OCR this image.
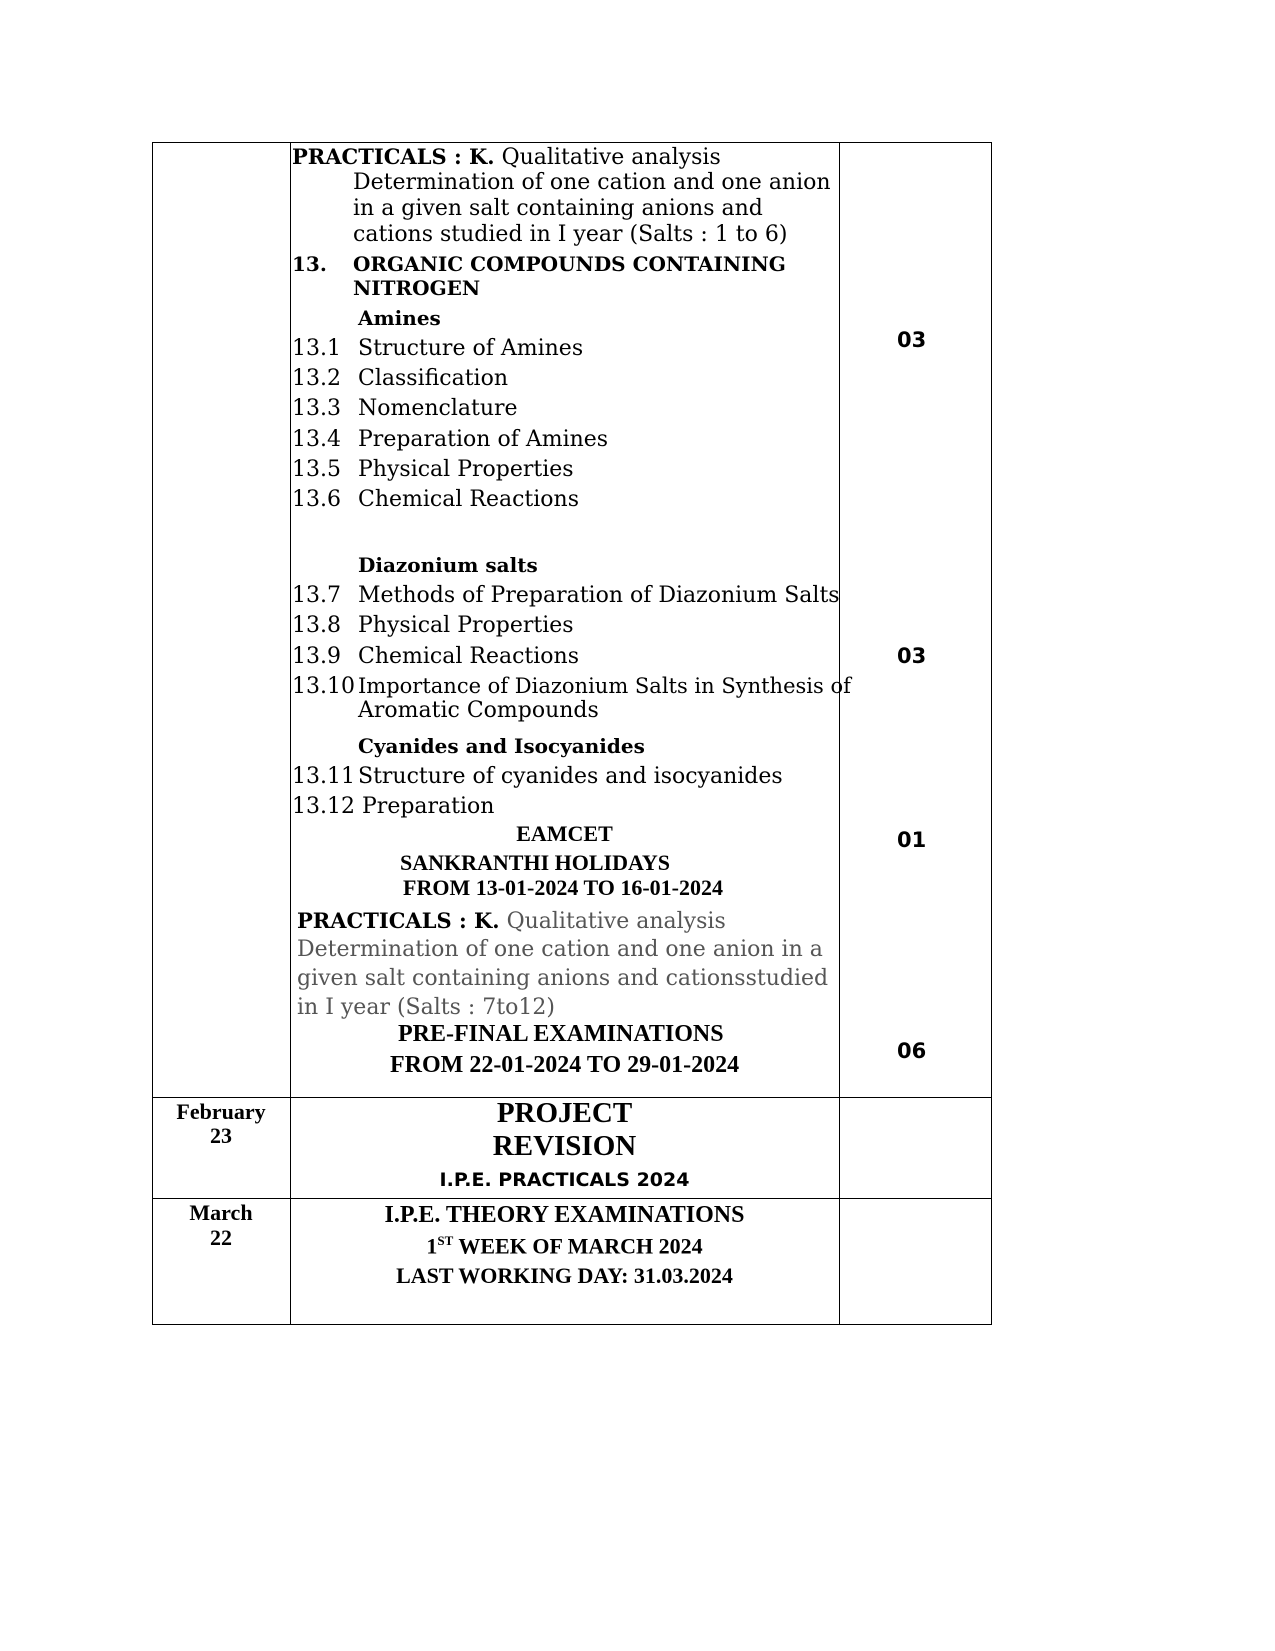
PRACTICALS : K. Qualitative analysis
Determination of one cation and one anion
in a given salt containing anions and
cations studied in I year (Salts : 1 to 6)
13. ORGANIC COMPOUNDS CONTAINING
NITROGEN
Amines
13.1 Structure of Amines
13.2 Classification
13.3 Nomenclature
13.4 Preparation of Amines
13.5 Physical Properties
13.6 Chemical Reactions
Diazonium salts
13.7 Methods of Preparation of Diazonium Salts
13.8 Physical Properties
13.9 Chemical Reactions
13.10 Importance of Diazonium Salts in Synthesis of
Aromatic Compounds
Cyanides and Isocyanides
13.11 Structure of cyanides and isocyanides
13.12 Preparation
EAMCET
SANKRANTHI HOLIDAYS
FROM 13-01-2024 TO 16-01-2024
PRACTICALS : K. Qualitative analysis
Determination of one cation and one anion in a
given salt containing anions and cationsstudied
in I year (Salts : 7to12)
PRE-FINAL EXAMINATIONS
FROM 22-01-2024 TO 29-01-2024
03
03
01
06
February
23
PROJECT
REVISION
I.P.E. PRACTICALS 2024
March
22
I.P.E. THEORY EXAMINATIONS
1ST WEEK OF MARCH 2024
LAST WORKING DAY: 31.03.2024
